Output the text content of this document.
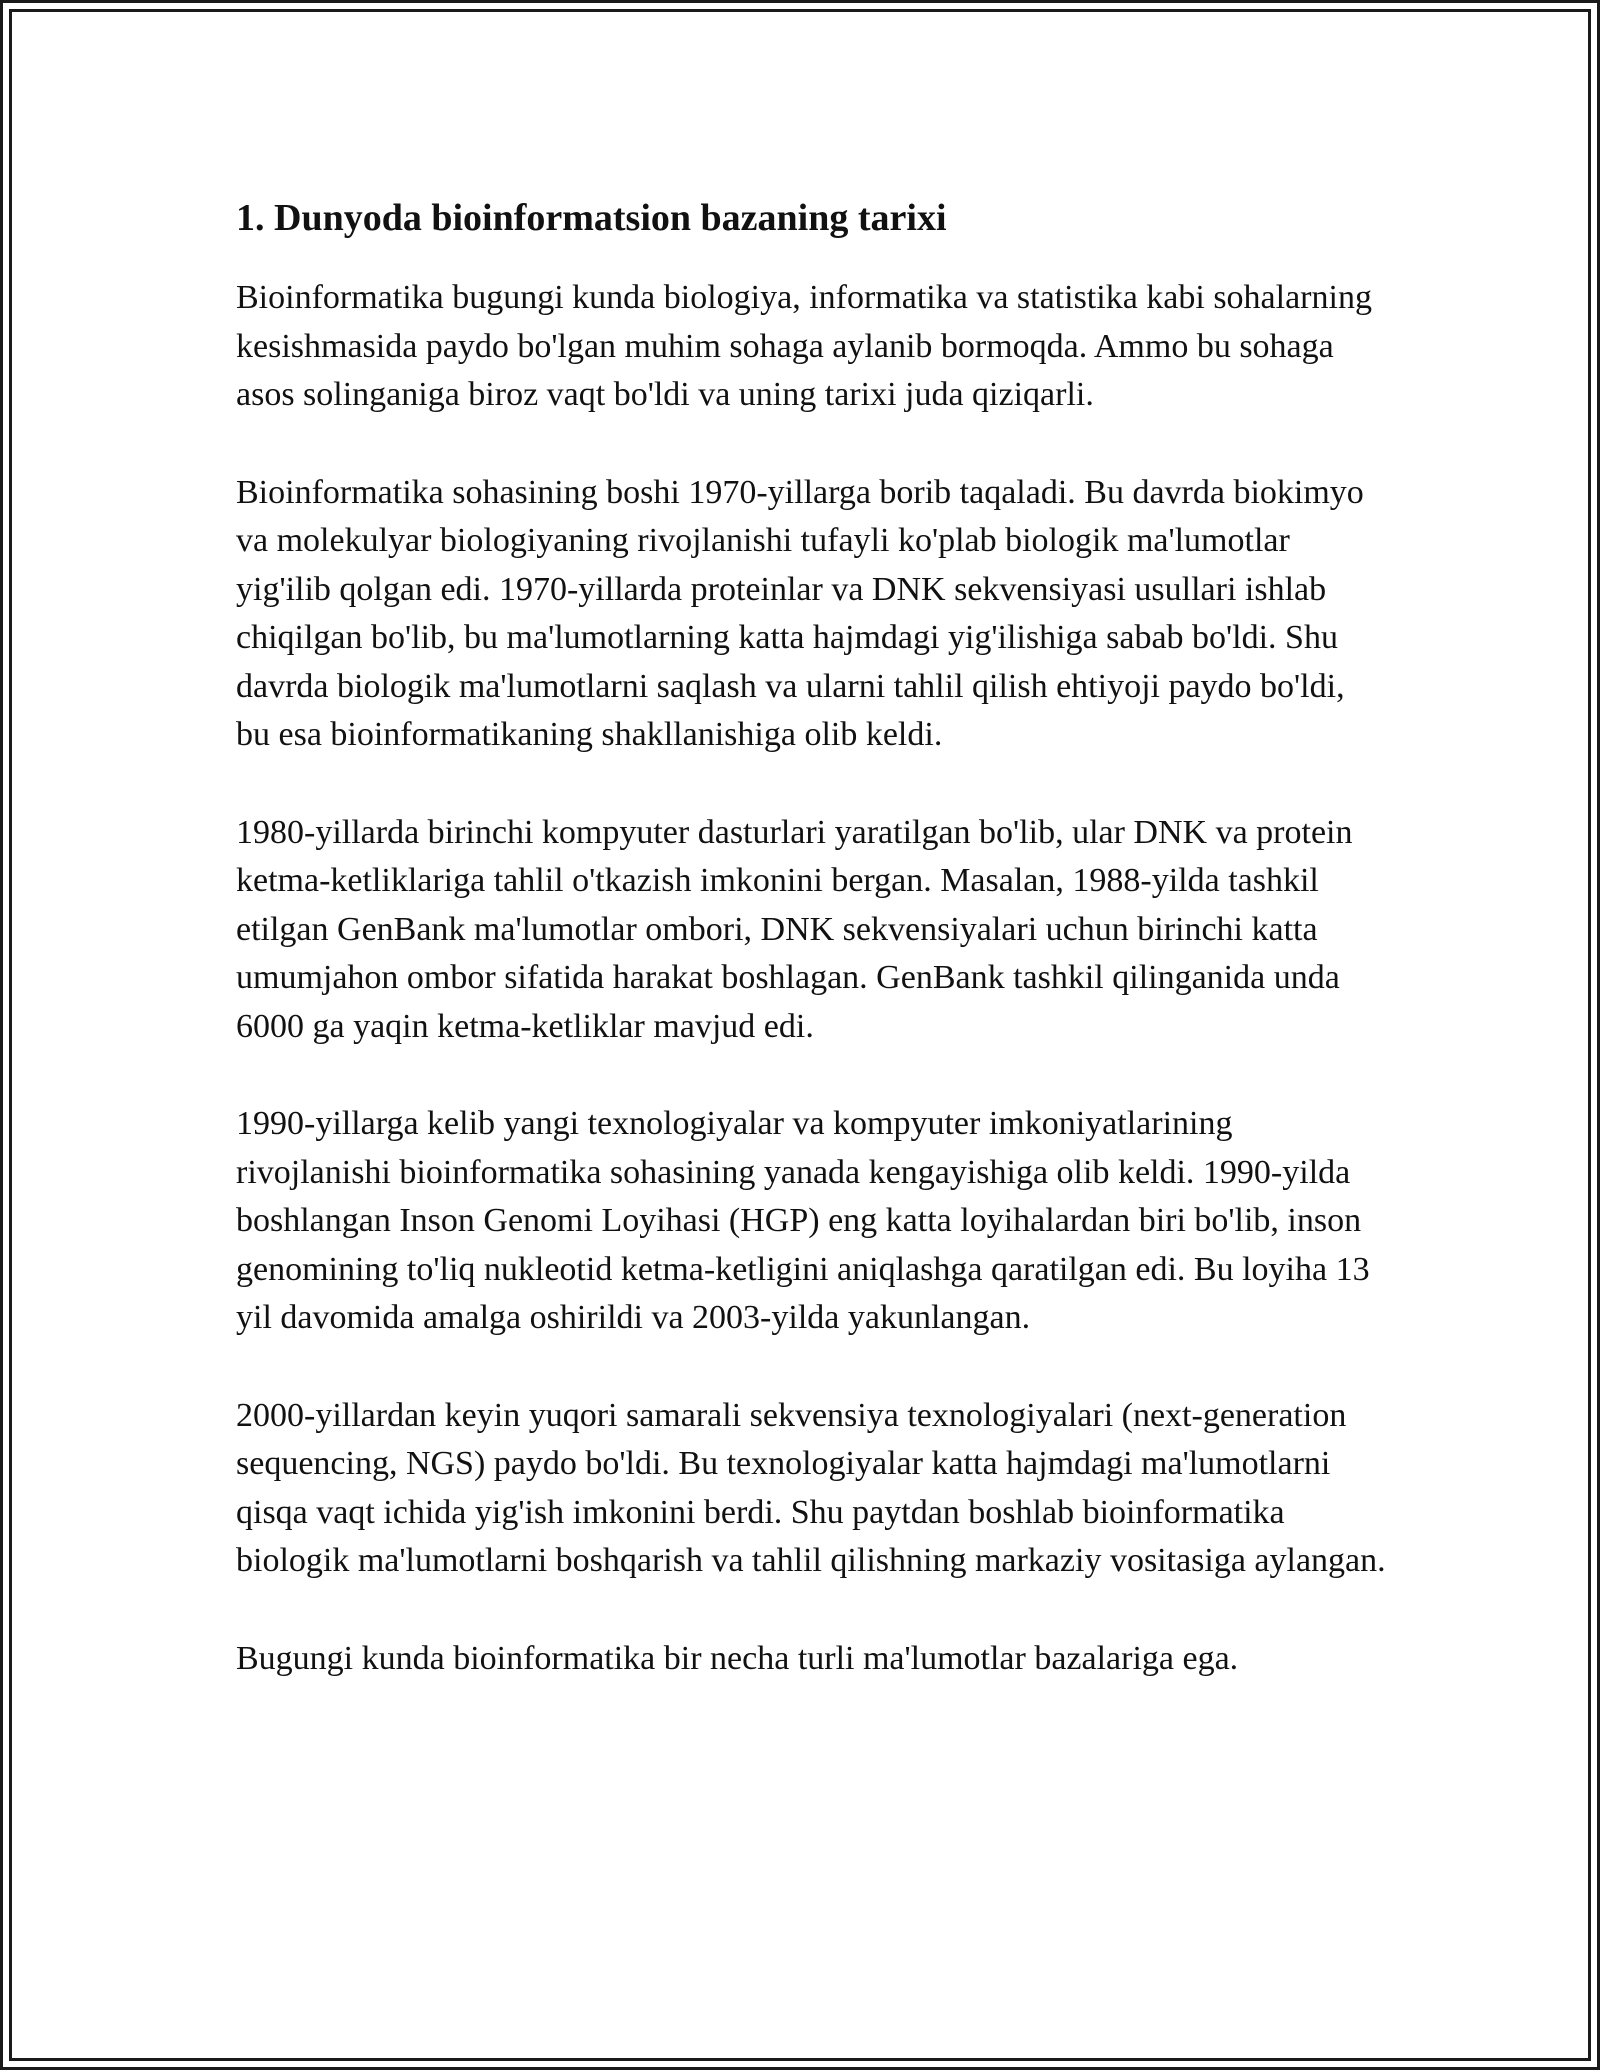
1. Dunyoda bioinformatsion bazaning tarixi

Bioinformatika bugungi kunda biologiya, informatika va statistika kabi sohalarning kesishmasida paydo bo'lgan muhim sohaga aylanib bormoqda. Ammo bu sohaga asos solinganiga biroz vaqt bo'ldi va uning tarixi juda qiziqarli.

Bioinformatika sohasining boshi 1970-yillarga borib taqaladi. Bu davrda biokimyo va molekulyar biologiyaning rivojlanishi tufayli ko'plab biologik ma'lumotlar yig'ilib qolgan edi. 1970-yillarda proteinlar va DNK sekvensiyasi usullari ishlab chiqilgan bo'lib, bu ma'lumotlarning katta hajmdagi yig'ilishiga sabab bo'ldi. Shu davrda biologik ma'lumotlarni saqlash va ularni tahlil qilish ehtiyoji paydo bo'ldi, bu esa bioinformatikaning shakllanishiga olib keldi.

1980-yillarda birinchi kompyuter dasturlari yaratilgan bo'lib, ular DNK va protein ketma-ketliklariga tahlil o'tkazish imkonini bergan. Masalan, 1988-yilda tashkil etilgan GenBank ma'lumotlar ombori, DNK sekvensiyalari uchun birinchi katta umumjahon ombor sifatida harakat boshlagan. GenBank tashkil qilinganida unda 6000 ga yaqin ketma-ketliklar mavjud edi.

1990-yillarga kelib yangi texnologiyalar va kompyuter imkoniyatlarining rivojlanishi bioinformatika sohasining yanada kengayishiga olib keldi. 1990-yilda boshlangan Inson Genomi Loyihasi (HGP) eng katta loyihalardan biri bo'lib, inson genomining to'liq nukleotid ketma-ketligini aniqlashga qaratilgan edi. Bu loyiha 13 yil davomida amalga oshirildi va 2003-yilda yakunlangan.

2000-yillardan keyin yuqori samarali sekvensiya texnologiyalari (next-generation sequencing, NGS) paydo bo'ldi. Bu texnologiyalar katta hajmdagi ma'lumotlarni qisqa vaqt ichida yig'ish imkonini berdi. Shu paytdan boshlab bioinformatika biologik ma'lumotlarni boshqarish va tahlil qilishning markaziy vositasiga aylangan.

Bugungi kunda bioinformatika bir necha turli ma'lumotlar bazalariga ega.
